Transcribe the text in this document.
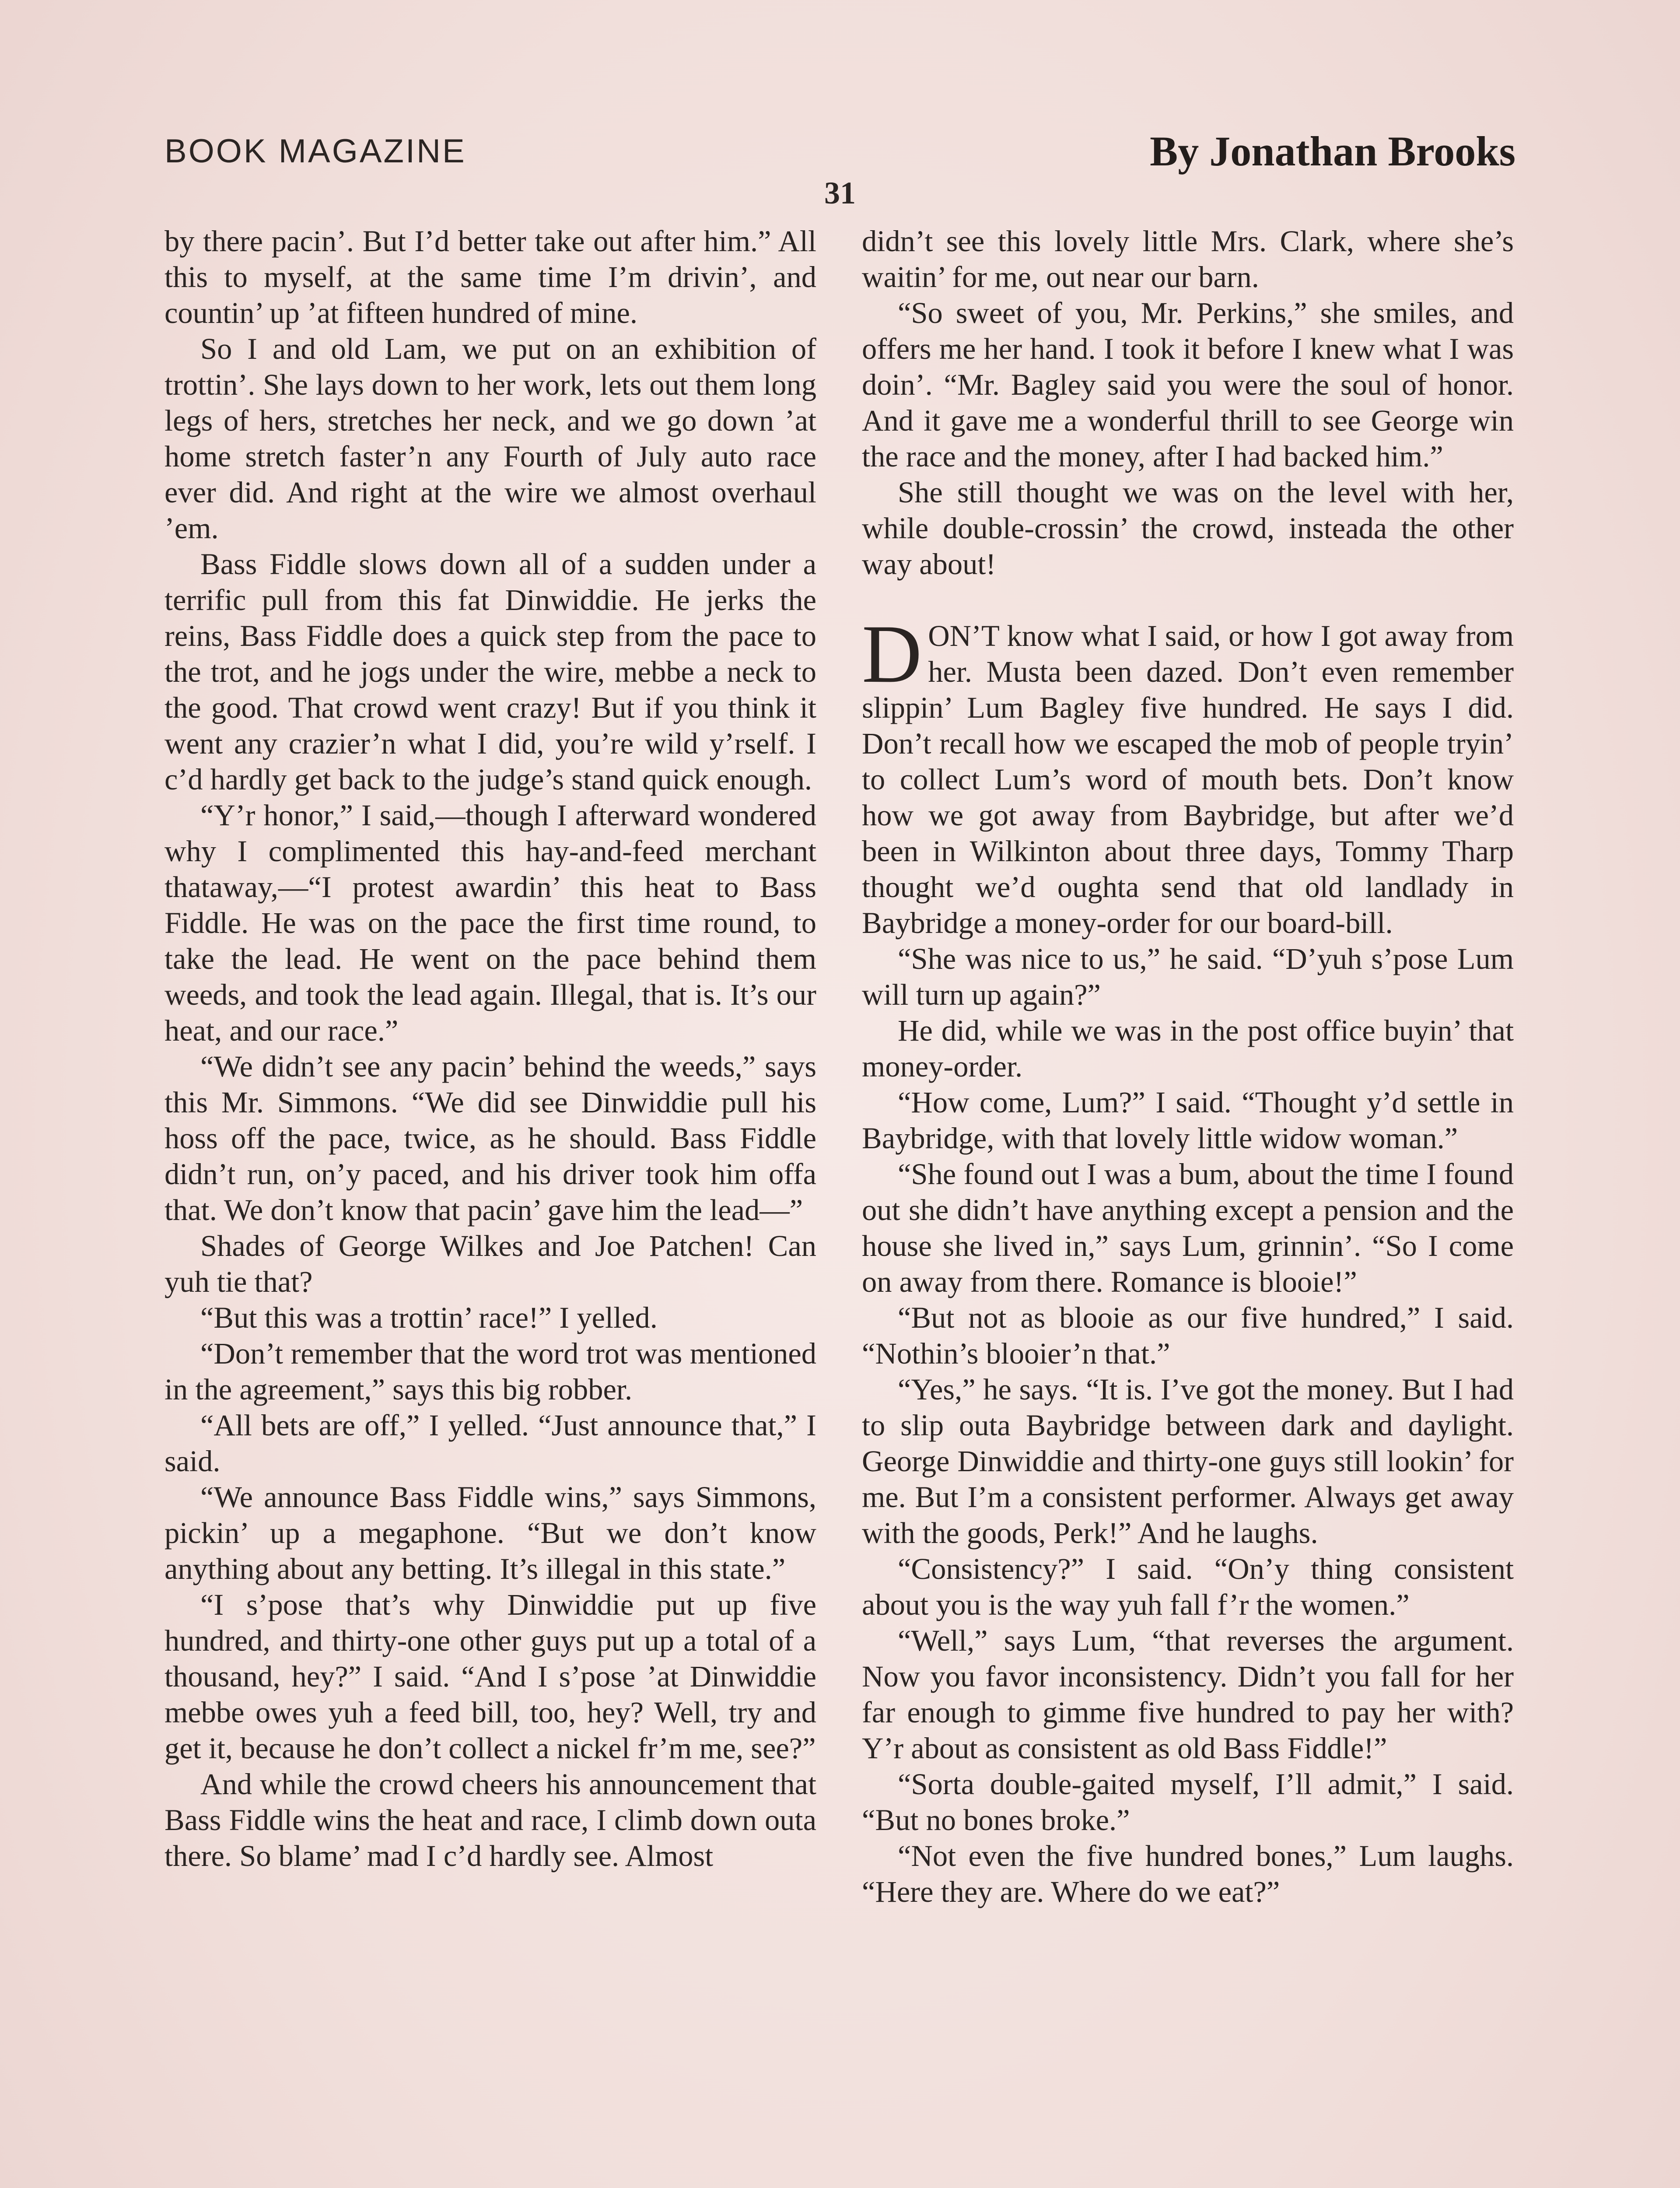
BOOK MAGAZINE	By Jonathan Brooks
31

by there pacin’. But I’d better take out after him.” All this to myself, at the same time I’m drivin’, and countin’ up ’at fifteen hundred of mine.

So I and old Lam, we put on an exhibition of trottin’. She lays down to her work, lets out them long legs of hers, stretches her neck, and we go down ’at home stretch faster’n any Fourth of July auto race ever did. And right at the wire we almost overhaul ’em.

Bass Fiddle slows down all of a sudden under a terrific pull from this fat Dinwiddie. He jerks the reins, Bass Fiddle does a quick step from the pace to the trot, and he jogs under the wire, mebbe a neck to the good. That crowd went crazy! But if you think it went any crazier’n what I did, you’re wild y’rself. I c’d hardly get back to the judge’s stand quick enough.

“Y’r honor,” I said,—though I afterward wondered why I complimented this hay-and-feed merchant thataway,—“I protest awardin’ this heat to Bass Fiddle. He was on the pace the first time round, to take the lead. He went on the pace behind them weeds, and took the lead again. Illegal, that is. It’s our heat, and our race.”

“We didn’t see any pacin’ behind the weeds,” says this Mr. Simmons. “We did see Dinwiddie pull his hoss off the pace, twice, as he should. Bass Fiddle didn’t run, on’y paced, and his driver took him offa that. We don’t know that pacin’ gave him the lead—”

Shades of George Wilkes and Joe Patchen! Can yuh tie that?

“But this was a trottin’ race!” I yelled.

“Don’t remember that the word trot was mentioned in the agreement,” says this big robber.

“All bets are off,” I yelled. “Just announce that,” I said.

“We announce Bass Fiddle wins,” says Simmons, pickin’ up a megaphone. “But we don’t know anything about any betting. It’s illegal in this state.”

“I s’pose that’s why Dinwiddie put up five hundred, and thirty-one other guys put up a total of a thousand, hey?” I said. “And I s’pose ’at Dinwiddie mebbe owes yuh a feed bill, too, hey? Well, try and get it, because he don’t collect a nickel fr’m me, see?”

And while the crowd cheers his announcement that Bass Fiddle wins the heat and race, I climb down outa there. So blame’ mad I c’d hardly see. Almost

didn’t see this lovely little Mrs. Clark, where she’s waitin’ for me, out near our barn.

“So sweet of you, Mr. Perkins,” she smiles, and offers me her hand. I took it before I knew what I was doin’. “Mr. Bagley said you were the soul of honor. And it gave me a wonderful thrill to see George win the race and the money, after I had backed him.”

She still thought we was on the level with her, while double-crossin’ the crowd, insteada the other way about!

DON’T know what I said, or how I got away from her. Musta been dazed. Don’t even remember slippin’ Lum Bagley five hundred. He says I did. Don’t recall how we escaped the mob of people tryin’ to collect Lum’s word of mouth bets. Don’t know how we got away from Baybridge, but after we’d been in Wilkinton about three days, Tommy Tharp thought we’d oughta send that old landlady in Baybridge a money-order for our board-bill.

“She was nice to us,” he said. “D’yuh s’pose Lum will turn up again?”

He did, while we was in the post office buyin’ that money-order.

“How come, Lum?” I said. “Thought y’d settle in Baybridge, with that lovely little widow woman.”

“She found out I was a bum, about the time I found out she didn’t have anything except a pension and the house she lived in,” says Lum, grinnin’. “So I come on away from there. Romance is blooie!”

“But not as blooie as our five hundred,” I said. “Nothin’s blooier’n that.”

“Yes,” he says. “It is. I’ve got the money. But I had to slip outa Baybridge between dark and daylight. George Dinwiddie and thirty-one guys still lookin’ for me. But I’m a consistent performer. Always get away with the goods, Perk!” And he laughs.

“Consistency?” I said. “On’y thing consistent about you is the way yuh fall f’r the women.”

“Well,” says Lum, “that reverses the argument. Now you favor inconsistency. Didn’t you fall for her far enough to gimme five hundred to pay her with? Y’r about as consistent as old Bass Fiddle!”

“Sorta double-gaited myself, I’ll admit,” I said. “But no bones broke.”

“Not even the five hundred bones,” Lum laughs. “Here they are. Where do we eat?”
